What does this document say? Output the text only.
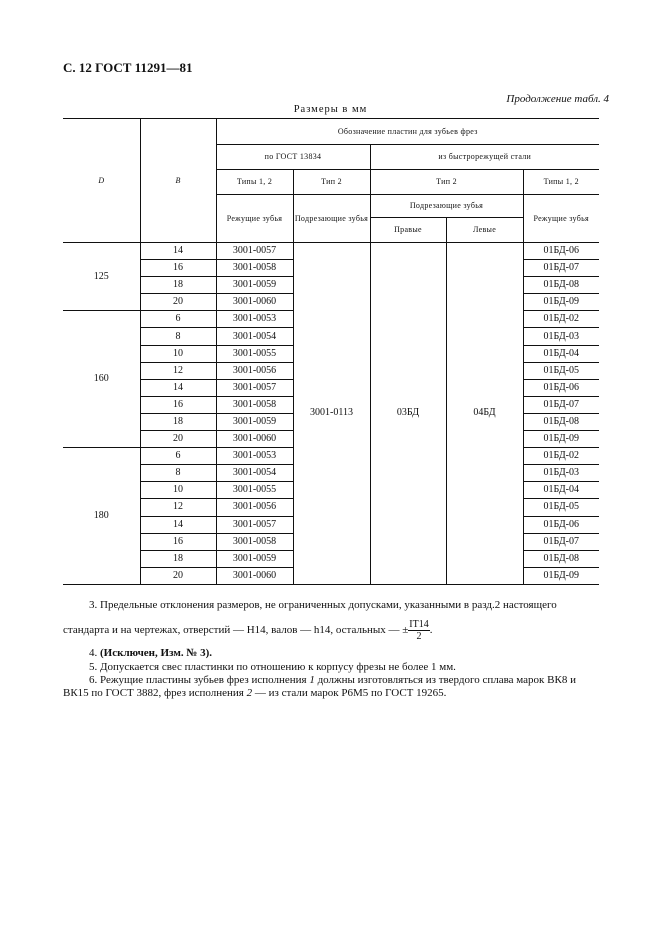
С. 12 ГОСТ 11291—81
Продолжение табл. 4
Размеры в мм
D	B	Обозначение пластин для зубьев фрез				
		по ГОСТ 13834		из быстрорежущей стали		
		Типы 1, 2	Тип 2	Тип 2		Типы 1, 2
		Режущие зубья	Подрезающие зубья	Подрезающие зубья		Режущие зубья
				Правые	Левые	
125	14	3001-0057	3001-0113	03БД	04БД	01БД-06
	16	3001-0058				01БД-07
	18	3001-0059				01БД-08
	20	3001-0060				01БД-09
160	6	3001-0053				01БД-02
	8	3001-0054				01БД-03
	10	3001-0055				01БД-04
	12	3001-0056				01БД-05
	14	3001-0057				01БД-06
	16	3001-0058				01БД-07
	18	3001-0059				01БД-08
	20	3001-0060				01БД-09
180	6	3001-0053				01БД-02
	8	3001-0054				01БД-03
	10	3001-0055				01БД-04
	12	3001-0056				01БД-05
	14	3001-0057				01БД-06
	16	3001-0058				01БД-07
	18	3001-0059				01БД-08
	20	3001-0060				01БД-09
3. Предельные отклонения размеров, не ограниченных допусками, указанными в разд.2 настоящего
стандарта и на чертежах, отверстий — Н14, валов — h14, остальных — ± $\frac{IT14}{2}$ .
4. (Исключен, Изм. № 3).
5. Допускается свес пластинки по отношению к корпусу фрезы не более 1 мм.
6. Режущие пластины зубьев фрез исполнения 1 должны изготовляться из твердого сплава марок ВК8 и ВК15 по ГОСТ 3882, фрез исполнения 2 — из стали марок Р6М5 по ГОСТ 19265.
